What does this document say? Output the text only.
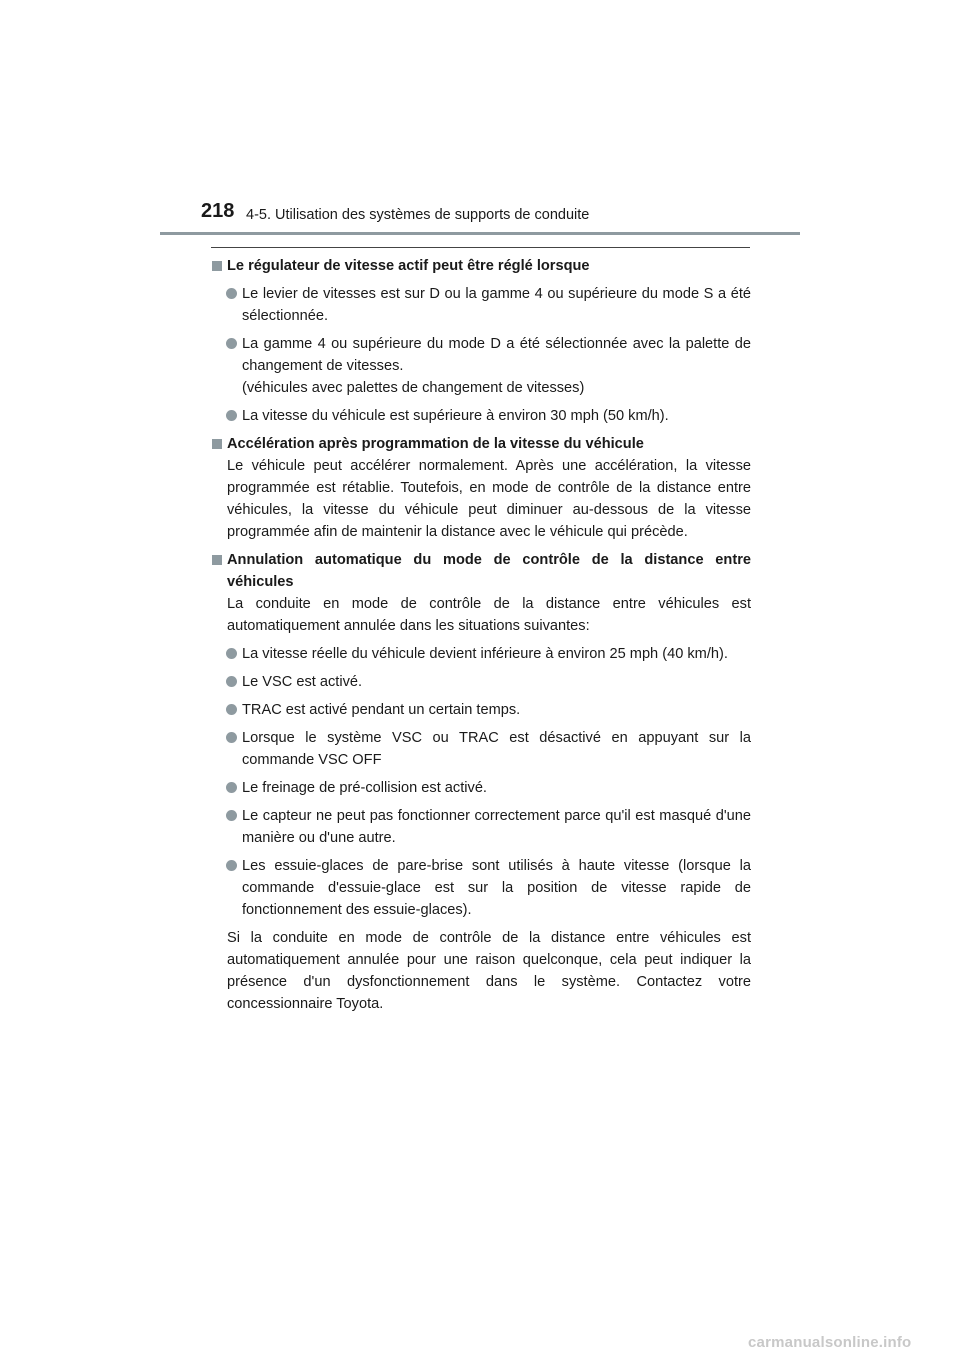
218 4-5. Utilisation des systèmes de supports de conduite
Le régulateur de vitesse actif peut être réglé lorsque
Le levier de vitesses est sur D ou la gamme 4 ou supérieure du mode S a été sélectionnée.
La gamme 4 ou supérieure du mode D a été sélectionnée avec la palette de changement de vitesses.
(véhicules avec palettes de changement de vitesses)
La vitesse du véhicule est supérieure à environ 30 mph (50 km/h).
Accélération après programmation de la vitesse du véhicule
Le véhicule peut accélérer normalement. Après une accélération, la vitesse programmée est rétablie. Toutefois, en mode de contrôle de la distance entre véhicules, la vitesse du véhicule peut diminuer au-dessous de la vitesse programmée afin de maintenir la distance avec le véhicule qui précède.
Annulation automatique du mode de contrôle de la distance entre véhicules
La conduite en mode de contrôle de la distance entre véhicules est automatiquement annulée dans les situations suivantes:
La vitesse réelle du véhicule devient inférieure à environ 25 mph (40 km/h).
Le VSC est activé.
TRAC est activé pendant un certain temps.
Lorsque le système VSC ou TRAC est désactivé en appuyant sur la commande VSC OFF
Le freinage de pré-collision est activé.
Le capteur ne peut pas fonctionner correctement parce qu'il est masqué d'une manière ou d'une autre.
Les essuie-glaces de pare-brise sont utilisés à haute vitesse (lorsque la commande d'essuie-glace est sur la position de vitesse rapide de fonctionnement des essuie-glaces).
Si la conduite en mode de contrôle de la distance entre véhicules est automatiquement annulée pour une raison quelconque, cela peut indiquer la présence d'un dysfonctionnement dans le système. Contactez votre concessionnaire Toyota.
carmanualsonline.info
